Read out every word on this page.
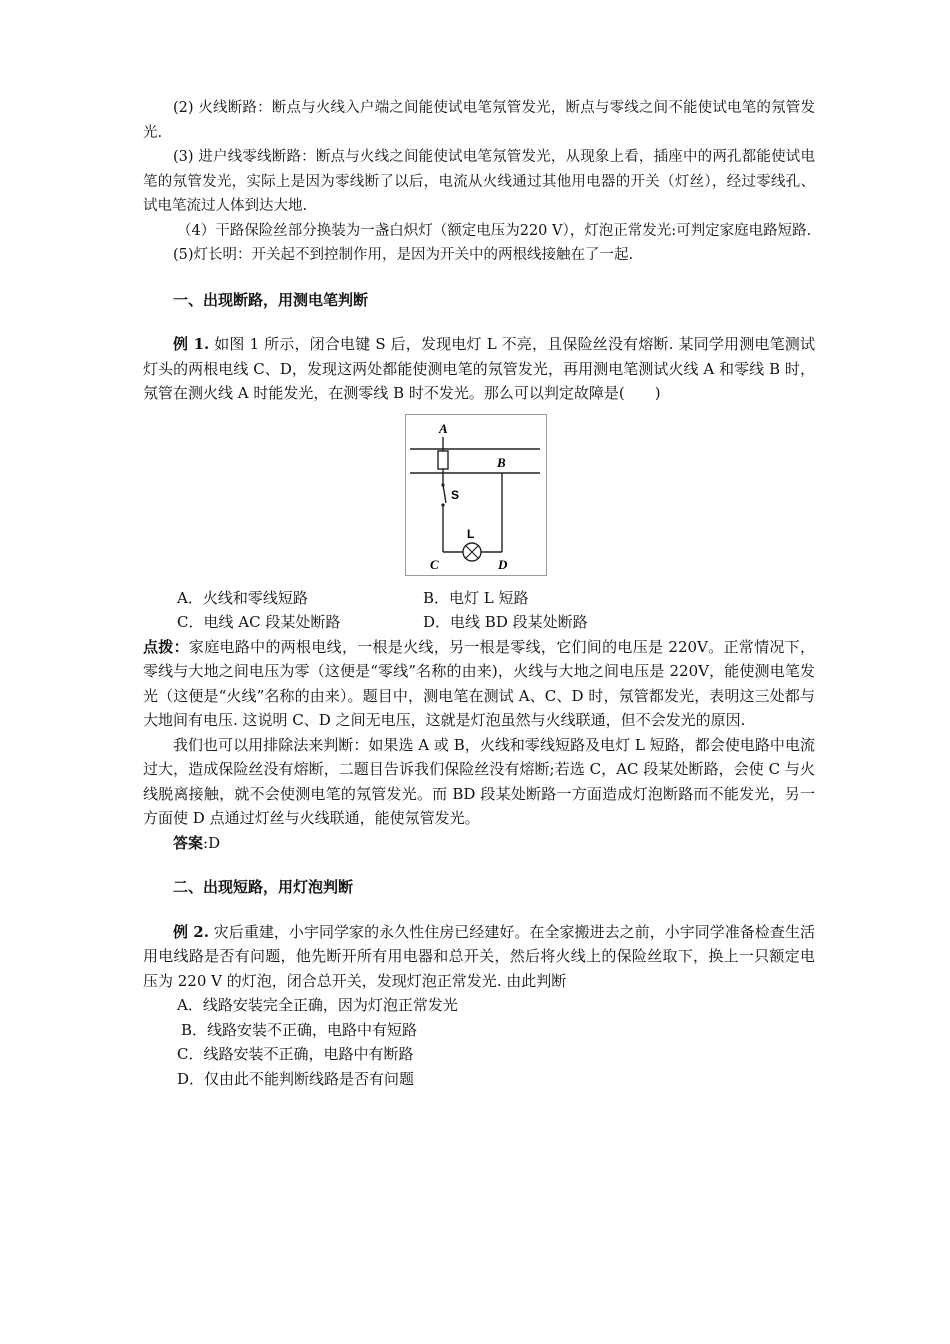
(2) 火线断路：断点与火线入户端之间能使试电笔氖管发光，断点与零线之间不能使试电笔的氖管发光.

(3) 进户线零线断路：断点与火线之间能使试电笔氖管发光，从现象上看，插座中的两孔都能使试电笔的氖管发光，实际上是因为零线断了以后，电流从火线通过其他用电器的开关（灯丝），经过零线孔、试电笔流过人体到达大地.

（4）干路保险丝部分换装为一盏白炽灯（额定电压为220 V），灯泡正常发光:可判定家庭电路短路.

(5)灯长明：开关起不到控制作用，是因为开关中的两根线接触在了一起.

一、出现断路，用测电笔判断

例 1. 如图 1 所示，闭合电键 S 后，发现电灯 L 不亮，且保险丝没有熔断. 某同学用测电笔测试灯头的两根电线 C、D，发现这两处都能使测电笔的氖管发光，再用测电笔测试火线 A 和零线 B 时，氖管在测火线 A 时能发光，在测零线 B 时不发光。那么可以判定故障是(　　)

A
B
S
L
C	D
A．火线和零线短路	B．电灯 L 短路
C．电线 AC 段某处断路	D．电线 BD 段某处断路

点拨：家庭电路中的两根电线，一根是火线，另一根是零线，它们间的电压是 220V。正常情况下，零线与大地之间电压为零（这便是“零线”名称的由来)，火线与大地之间电压是 220V，能使测电笔发光（这便是“火线”名称的由来）。题目中，测电笔在测试 A、C、D 时，氖管都发光，表明这三处都与大地间有电压. 这说明 C、D 之间无电压，这就是灯泡虽然与火线联通，但不会发光的原因.

我们也可以用排除法来判断：如果选 A 或 B，火线和零线短路及电灯 L 短路，都会使电路中电流过大，造成保险丝没有熔断，二题目告诉我们保险丝没有熔断;若选 C，AC 段某处断路，会使 C 与火线脱离接触，就不会使测电笔的氖管发光。而 BD 段某处断路一方面造成灯泡断路而不能发光，另一方面使 D 点通过灯丝与火线联通，能使氖管发光。

答案:D

二、出现短路，用灯泡判断

例 2. 灾后重建，小宇同学家的永久性住房已经建好。在全家搬进去之前，小宇同学准备检查生活用电线路是否有问题，他先断开所有用电器和总开关，然后将火线上的保险丝取下，换上一只额定电压为 220 V 的灯泡，闭合总开关，发现灯泡正常发光. 由此判断

A．线路安装完全正确，因为灯泡正常发光
B．线路安装不正确，电路中有短路
C．线路安装不正确，电路中有断路
D．仅由此不能判断线路是否有问题
